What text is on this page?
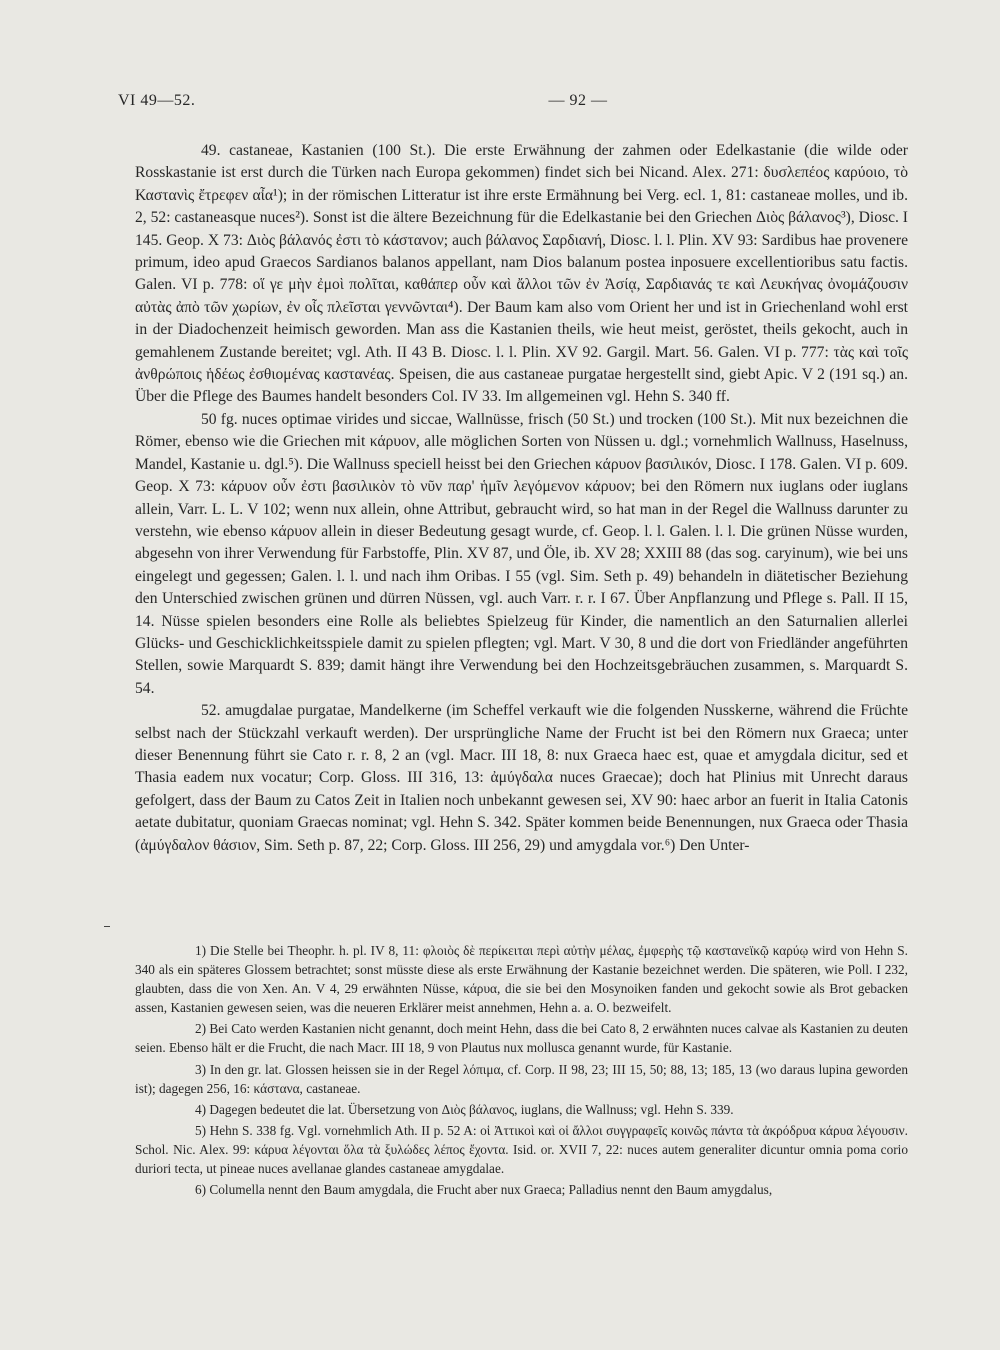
VI 49—52.	— 92 —

49. castaneae, Kastanien (100 St.). Die erste Erwähnung der zahmen oder Edelkastanie (die wilde oder Rosskastanie ist erst durch die Türken nach Europa gekommen) findet sich bei Nicand. Alex. 271: δυσλεπέος καρύοιο, τὸ Καστανὶς ἔτρεφεν αἶα¹); in der römischen Litteratur ist ihre erste Ermähnung bei Verg. ecl. 1, 81: castaneae molles, und ib. 2, 52: castaneasque nuces²). Sonst ist die ältere Bezeichnung für die Edelkastanie bei den Griechen Διὸς βάλανος³), Diosc. I 145. Geop. X 73: Διὸς βάλανός ἐστι τὸ κάστανον; auch βάλανος Σαρδιανή, Diosc. l. l. Plin. XV 93: Sardibus hae provenere primum, ideo apud Graecos Sardianos balanos appellant, nam Dios balanum postea inposuere excellentioribus satu factis. Galen. VI p. 778: οἵ γε μὴν ἐμοὶ πολῖται, καθάπερ οὖν καὶ ἄλλοι τῶν ἐν Ἀσίᾳ, Σαρδιανάς τε καὶ Λευκήνας ὀνομάζουσιν αὐτὰς ἀπὸ τῶν χωρίων, ἐν οἷς πλεῖσται γεννῶνται⁴). Der Baum kam also vom Orient her und ist in Griechenland wohl erst in der Diadochenzeit heimisch geworden. Man ass die Kastanien theils, wie heut meist, geröstet, theils gekocht, auch in gemahlenem Zustande bereitet; vgl. Ath. II 43 B. Diosc. l. l. Plin. XV 92. Gargil. Mart. 56. Galen. VI p. 777: τὰς καὶ τοῖς ἀνθρώποις ἡδέως ἐσθιομένας καστανέας. Speisen, die aus castaneae purgatae hergestellt sind, giebt Apic. V 2 (191 sq.) an. Über die Pflege des Baumes handelt besonders Col. IV 33. Im allgemeinen vgl. Hehn S. 340 ff.

50 fg. nuces optimae virides und siccae, Wallnüsse, frisch (50 St.) und trocken (100 St.). Mit nux bezeichnen die Römer, ebenso wie die Griechen mit κάρυον, alle möglichen Sorten von Nüssen u. dgl.; vornehmlich Wallnuss, Haselnuss, Mandel, Kastanie u. dgl.⁵). Die Wallnuss speciell heisst bei den Griechen κάρυον βασιλικόν, Diosc. I 178. Galen. VI p. 609. Geop. X 73: κάρυον οὖν ἐστι βασιλικὸν τὸ νῦν παρ' ἡμῖν λεγόμενον κάρυον; bei den Römern nux iuglans oder iuglans allein, Varr. L. L. V 102; wenn nux allein, ohne Attribut, gebraucht wird, so hat man in der Regel die Wallnuss darunter zu verstehn, wie ebenso κάρυον allein in dieser Bedeutung gesagt wurde, cf. Geop. l. l. Galen. l. l. Die grünen Nüsse wurden, abgesehn von ihrer Verwendung für Farbstoffe, Plin. XV 87, und Öle, ib. XV 28; XXIII 88 (das sog. caryinum), wie bei uns eingelegt und gegessen; Galen. l. l. und nach ihm Oribas. I 55 (vgl. Sim. Seth p. 49) behandeln in diätetischer Beziehung den Unterschied zwischen grünen und dürren Nüssen, vgl. auch Varr. r. r. I 67. Über Anpflanzung und Pflege s. Pall. II 15, 14. Nüsse spielen besonders eine Rolle als beliebtes Spielzeug für Kinder, die namentlich an den Saturnalien allerlei Glücks- und Geschicklichkeitsspiele damit zu spielen pflegten; vgl. Mart. V 30, 8 und die dort von Friedländer angeführten Stellen, sowie Marquardt S. 839; damit hängt ihre Verwendung bei den Hochzeitsgebräuchen zusammen, s. Marquardt S. 54.

52. amugdalae purgatae, Mandelkerne (im Scheffel verkauft wie die folgenden Nusskerne, während die Früchte selbst nach der Stückzahl verkauft werden). Der ursprüngliche Name der Frucht ist bei den Römern nux Graeca; unter dieser Benennung führt sie Cato r. r. 8, 2 an (vgl. Macr. III 18, 8: nux Graeca haec est, quae et amygdala dicitur, sed et Thasia eadem nux vocatur; Corp. Gloss. III 316, 13: ἀμύγδαλα nuces Graecae); doch hat Plinius mit Unrecht daraus gefolgert, dass der Baum zu Catos Zeit in Italien noch unbekannt gewesen sei, XV 90: haec arbor an fuerit in Italia Catonis aetate dubitatur, quoniam Graecas nominat; vgl. Hehn S. 342. Später kommen beide Benennungen, nux Graeca oder Thasia (ἀμύγδαλον θάσιον, Sim. Seth p. 87, 22; Corp. Gloss. III 256, 29) und amygdala vor.⁶) Den Unter-

1) Die Stelle bei Theophr. h. pl. IV 8, 11: φλοιὸς δὲ περίκειται περὶ αὐτὴν μέλας, ἐμφερὴς τῷ καστανεϊκῷ καρύῳ wird von Hehn S. 340 als ein späteres Glossem betrachtet; sonst müsste diese als erste Erwähnung der Kastanie bezeichnet werden. Die späteren, wie Poll. I 232, glaubten, dass die von Xen. An. V 4, 29 erwähnten Nüsse, κάρυα, die sie bei den Mosynoiken fanden und gekocht sowie als Brot gebacken assen, Kastanien gewesen seien, was die neueren Erklärer meist annehmen, Hehn a. a. O. bezweifelt.

2) Bei Cato werden Kastanien nicht genannt, doch meint Hehn, dass die bei Cato 8, 2 erwähnten nuces calvae als Kastanien zu deuten seien. Ebenso hält er die Frucht, die nach Macr. III 18, 9 von Plautus nux mollusca genannt wurde, für Kastanie.

3) In den gr. lat. Glossen heissen sie in der Regel λόπιμα, cf. Corp. II 98, 23; III 15, 50; 88, 13; 185, 13 (wo daraus lupina geworden ist); dagegen 256, 16: κάστανα, castaneae.

4) Dagegen bedeutet die lat. Übersetzung von Διὸς βάλανος, iuglans, die Wallnuss; vgl. Hehn S. 339.

5) Hehn S. 338 fg. Vgl. vornehmlich Ath. II p. 52 A: οἱ Ἀττικοὶ καὶ οἱ ἄλλοι συγγραφεῖς κοινῶς πάντα τὰ ἀκρόδρυα κάρυα λέγουσιν. Schol. Nic. Alex. 99: κάρυα λέγονται ὅλα τὰ ξυλώδες λέπος ἔχοντα. Isid. or. XVII 7, 22: nuces autem generaliter dicuntur omnia poma corio duriori tecta, ut pineae nuces avellanae glandes castaneae amygdalae.

6) Columella nennt den Baum amygdala, die Frucht aber nux Graeca; Palladius nennt den Baum amygdalus,
